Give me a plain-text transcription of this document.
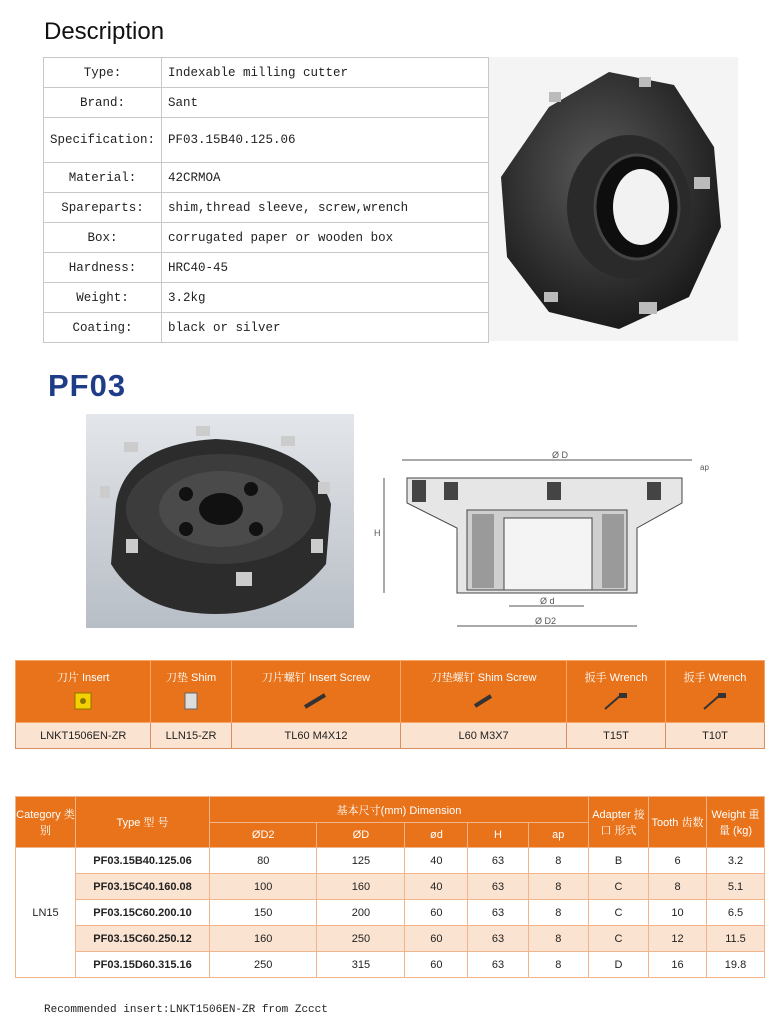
Description
Type:	Indexable milling cutter
Brand:	Sant
Specification:	PF03.15B40.125.06
Material:	42CRMOA
Spareparts:	shim,thread sleeve, screw,wrench
Box:	corrugated paper or wooden box
Hardness:	HRC40-45
Weight:	3.2kg
Coating:	black or silver
PF03
Ø D
ap
H
Ø d
Ø D2
刀片 Insert	刀垫 Shim	刀片螺钉 Insert Screw	刀垫螺钉 Shim Screw	扳手 Wrench	扳手 Wrench

LNKT1506EN-ZR	LLN15-ZR	TL60 M4X12	L60 M3X7	T15T	T10T
Category 类别	Type 型 号	基本尺寸(mm) Dimension					Adapter 接口 形式	Tooth 齿数	Weight 重量 (kg)
		ØD2	ØD	ød	H	ap			
LN15	PF03.15B40.125.06	80	125	40	63	8	B	6	3.2
	PF03.15C40.160.08	100	160	40	63	8	C	8	5.1
	PF03.15C60.200.10	150	200	60	63	8	C	10	6.5
	PF03.15C60.250.12	160	250	60	63	8	C	12	11.5
	PF03.15D60.315.16	250	315	60	63	8	D	16	19.8
Recommended insert:LNKT1506EN-ZR from Zccct
